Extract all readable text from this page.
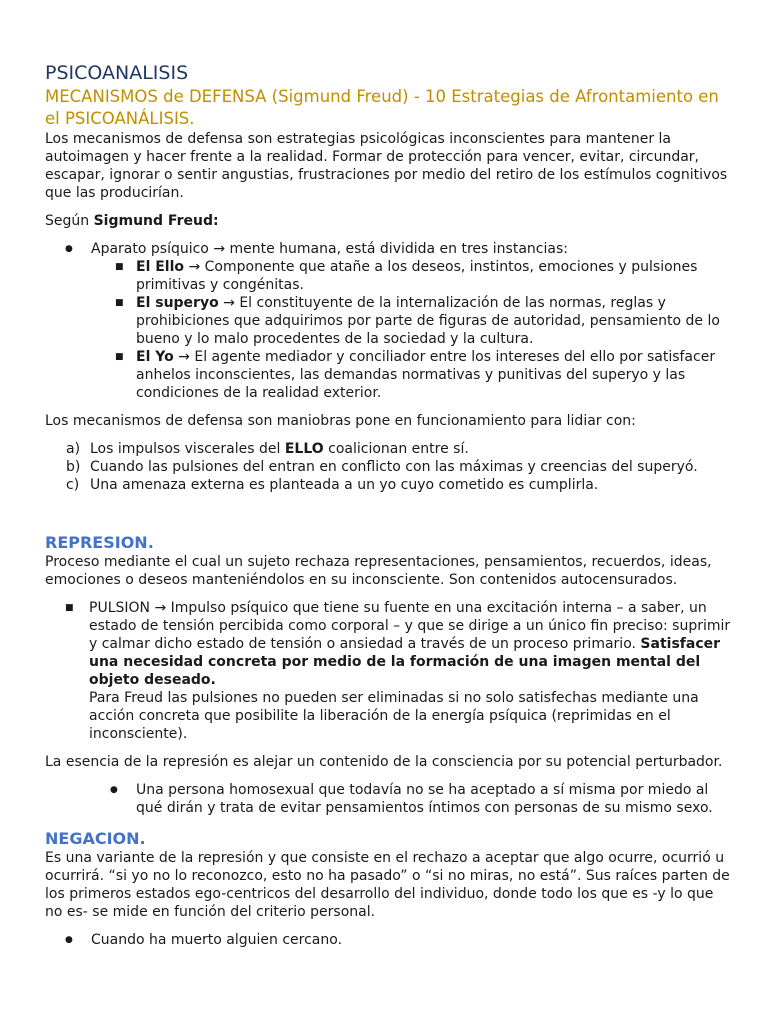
PSICOANALISIS
MECANISMOS de DEFENSA (Sigmund Freud) - 10 Estrategias de Afrontamiento en el PSICOANÁLISIS.

Los mecanismos de defensa son estrategias psicológicas inconscientes para mantener la autoimagen y hacer frente a la realidad. Formar de protección para vencer, evitar, circundar, escapar, ignorar o sentir angustias, frustraciones por medio del retiro de los estímulos cognitivos que las producirían.

Según Sigmund Freud:

●	Aparato psíquico → mente humana, está dividida en tres instancias:
■ El Ello → Componente que atañe a los deseos, instintos, emociones y pulsiones primitivas y congénitas.
■ El superyo → El constituyente de la internalización de las normas, reglas y prohibiciones que adquirimos por parte de figuras de autoridad, pensamiento de lo bueno y lo malo procedentes de la sociedad y la cultura.
■ El Yo → El agente mediador y conciliador entre los intereses del ello por satisfacer anhelos inconscientes, las demandas normativas y punitivas del superyo y las condiciones de la realidad exterior.

Los mecanismos de defensa son maniobras pone en funcionamiento para lidiar con:

a) Los impulsos viscerales del ELLO coalicionan entre sí.
b) Cuando las pulsiones del entran en conflicto con las máximas y creencias del superyó.
c) Una amenaza externa es planteada a un yo cuyo cometido es cumplirla.
REPRESION.

Proceso mediante el cual un sujeto rechaza representaciones, pensamientos, recuerdos, ideas, emociones o deseos manteniéndolos en su inconsciente. Son contenidos autocensurados.

■	PULSION → Impulso psíquico que tiene su fuente en una excitación interna – a saber, un estado de tensión percibida como corporal – y que se dirige a un único fin preciso: suprimir y calmar dicho estado de tensión o ansiedad a través de un proceso primario. Satisfacer una necesidad concreta por medio de la formación de una imagen mental del objeto deseado.
Para Freud las pulsiones no pueden ser eliminadas si no solo satisfechas mediante una acción concreta que posibilite la liberación de la energía psíquica (reprimidas en el inconsciente).

La esencia de la represión es alejar un contenido de la consciencia por su potencial perturbador.

●	Una persona homosexual que todavía no se ha aceptado a sí misma por miedo al qué dirán y trata de evitar pensamientos íntimos con personas de su mismo sexo.
NEGACION.

Es una variante de la represión y que consiste en el rechazo a aceptar que algo ocurre, ocurrió u ocurrirá. “si yo no lo reconozco, esto no ha pasado” o “si no miras, no está”. Sus raíces parten de los primeros estados ego-centricos del desarrollo del individuo, donde todo los que es -y lo que no es- se mide en función del criterio personal.

●	Cuando ha muerto alguien cercano.
